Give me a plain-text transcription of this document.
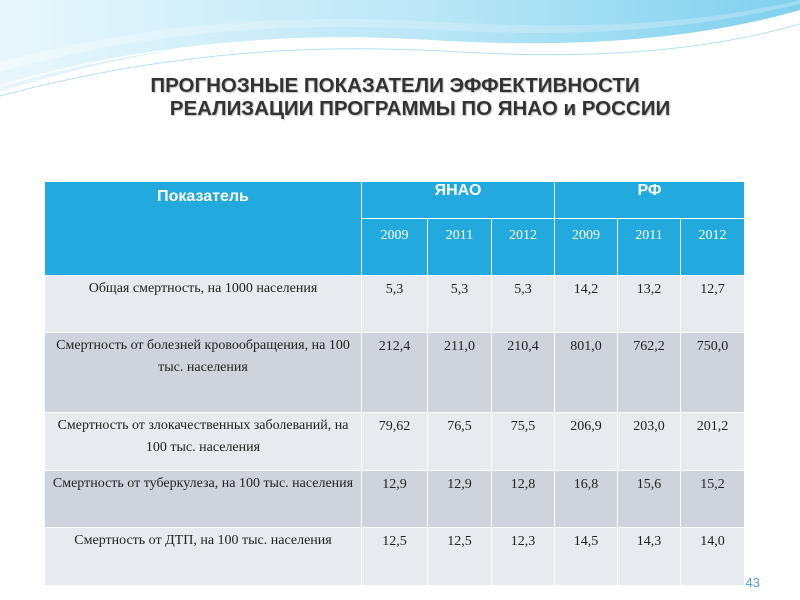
ПРОГНОЗНЫЕ ПОКАЗАТЕЛИ ЭФФЕКТИВНОСТИ
РЕАЛИЗАЦИИ ПРОГРАММЫ ПО ЯНАО и РОССИИ
Показатель	ЯНАО			РФ		
	2009	2011	2012	2009	2011	2012
Общая смертность, на 1000 населения	5,3	5,3	5,3	14,2	13,2	12,7
Смертность от болезней кровообращения, на 100 тыс. населения	212,4	211,0	210,4	801,0	762,2	750,0
Смертность от злокачественных заболеваний, на 100 тыс. населения	79,62	76,5	75,5	206,9	203,0	201,2
Смертность от туберкулеза, на 100 тыс. населения	12,9	12,9	12,8	16,8	15,6	15,2
Смертность от ДТП, на 100 тыс. населения	12,5	12,5	12,3	14,5	14,3	14,0
43
